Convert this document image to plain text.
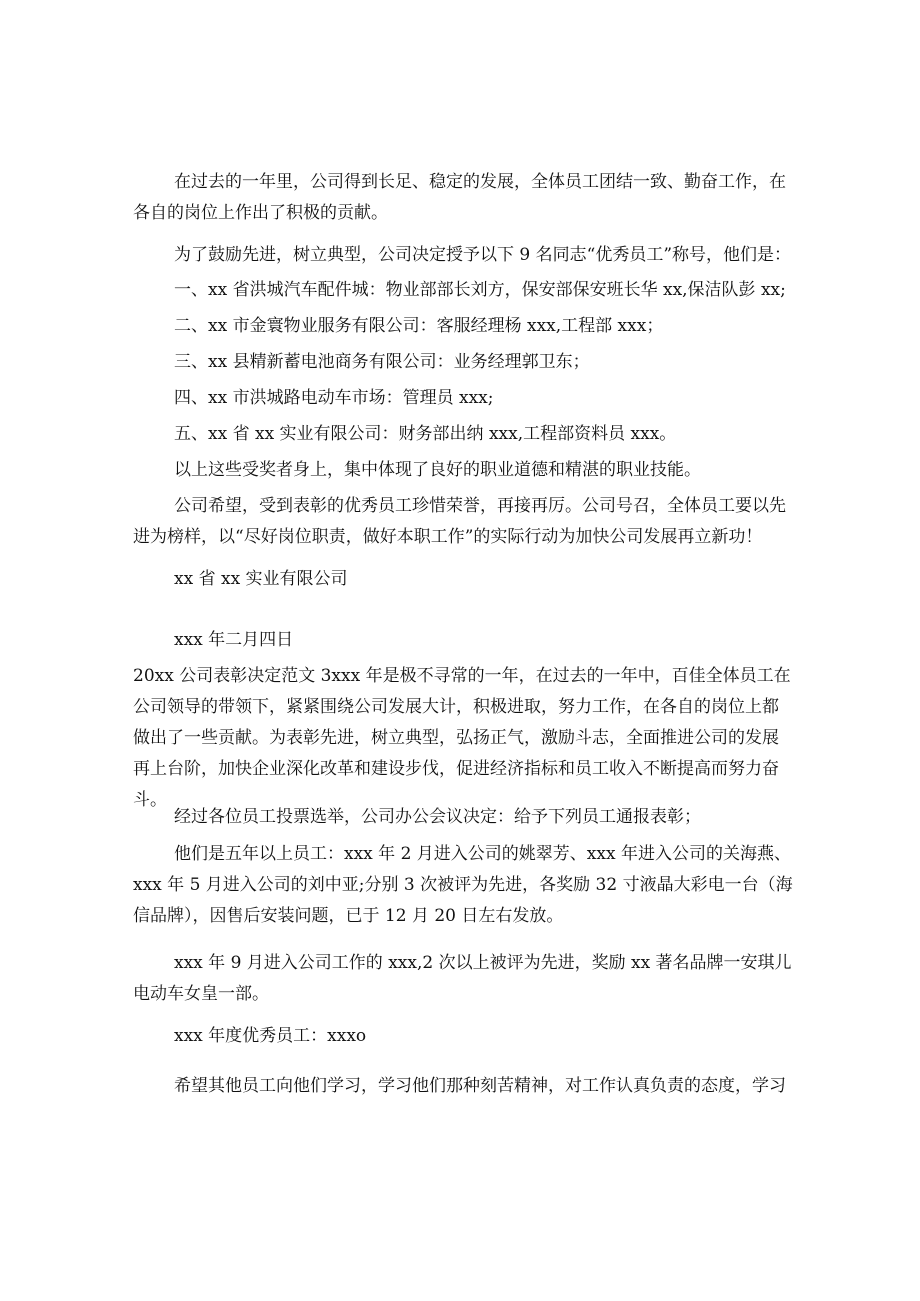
在过去的一年里，公司得到长足、稳定的发展，全体员工团结一致、勤奋工作，在各自的岗位上作出了积极的贡献。

为了鼓励先进，树立典型，公司决定授予以下 9 名同志“优秀员工”称号，他们是：

一、xx 省洪城汽车配件城：物业部部长刘方，保安部保安班长华 xx,保洁队彭 xx;

二、xx 市金寰物业服务有限公司：客服经理杨 xxx,工程部 xxx；

三、xx 县精新蓄电池商务有限公司：业务经理郭卫东；

四、xx 市洪城路电动车市场：管理员 xxx;

五、xx 省 xx 实业有限公司：财务部出纳 xxx,工程部资料员 xxx。

以上这些受奖者身上，集中体现了良好的职业道德和精湛的职业技能。

公司希望，受到表彰的优秀员工珍惜荣誉，再接再厉。公司号召，全体员工要以先进为榜样，以“尽好岗位职责，做好本职工作”的实际行动为加快公司发展再立新功！

xx 省 xx 实业有限公司

xxx 年二月四日

20xx 公司表彰决定范文 3xxx 年是极不寻常的一年，在过去的一年中，百佳全体员工在公司领导的带领下，紧紧围绕公司发展大计，积极进取，努力工作，在各自的岗位上都做出了一些贡献。为表彰先进，树立典型，弘扬正气，激励斗志，全面推进公司的发展再上台阶，加快企业深化改革和建设步伐，促进经济指标和员工收入不断提高而努力奋斗。

经过各位员工投票选举，公司办公会议决定：给予下列员工通报表彰；

他们是五年以上员工：xxx 年 2 月进入公司的姚翠芳、xxx 年进入公司的关海燕、xxx 年 5 月进入公司的刘中亚;分别 3 次被评为先进，各奖励 32 寸液晶大彩电一台（海信品牌），因售后安装问题，已于 12 月 20 日左右发放。

xxx 年 9 月进入公司工作的 xxx,2 次以上被评为先进，奖励 xx 著名品牌一安琪儿电动车女皇一部。

xxx 年度优秀员工：xxxo

希望其他员工向他们学习，学习他们那种刻苦精神，对工作认真负责的态度，学习
